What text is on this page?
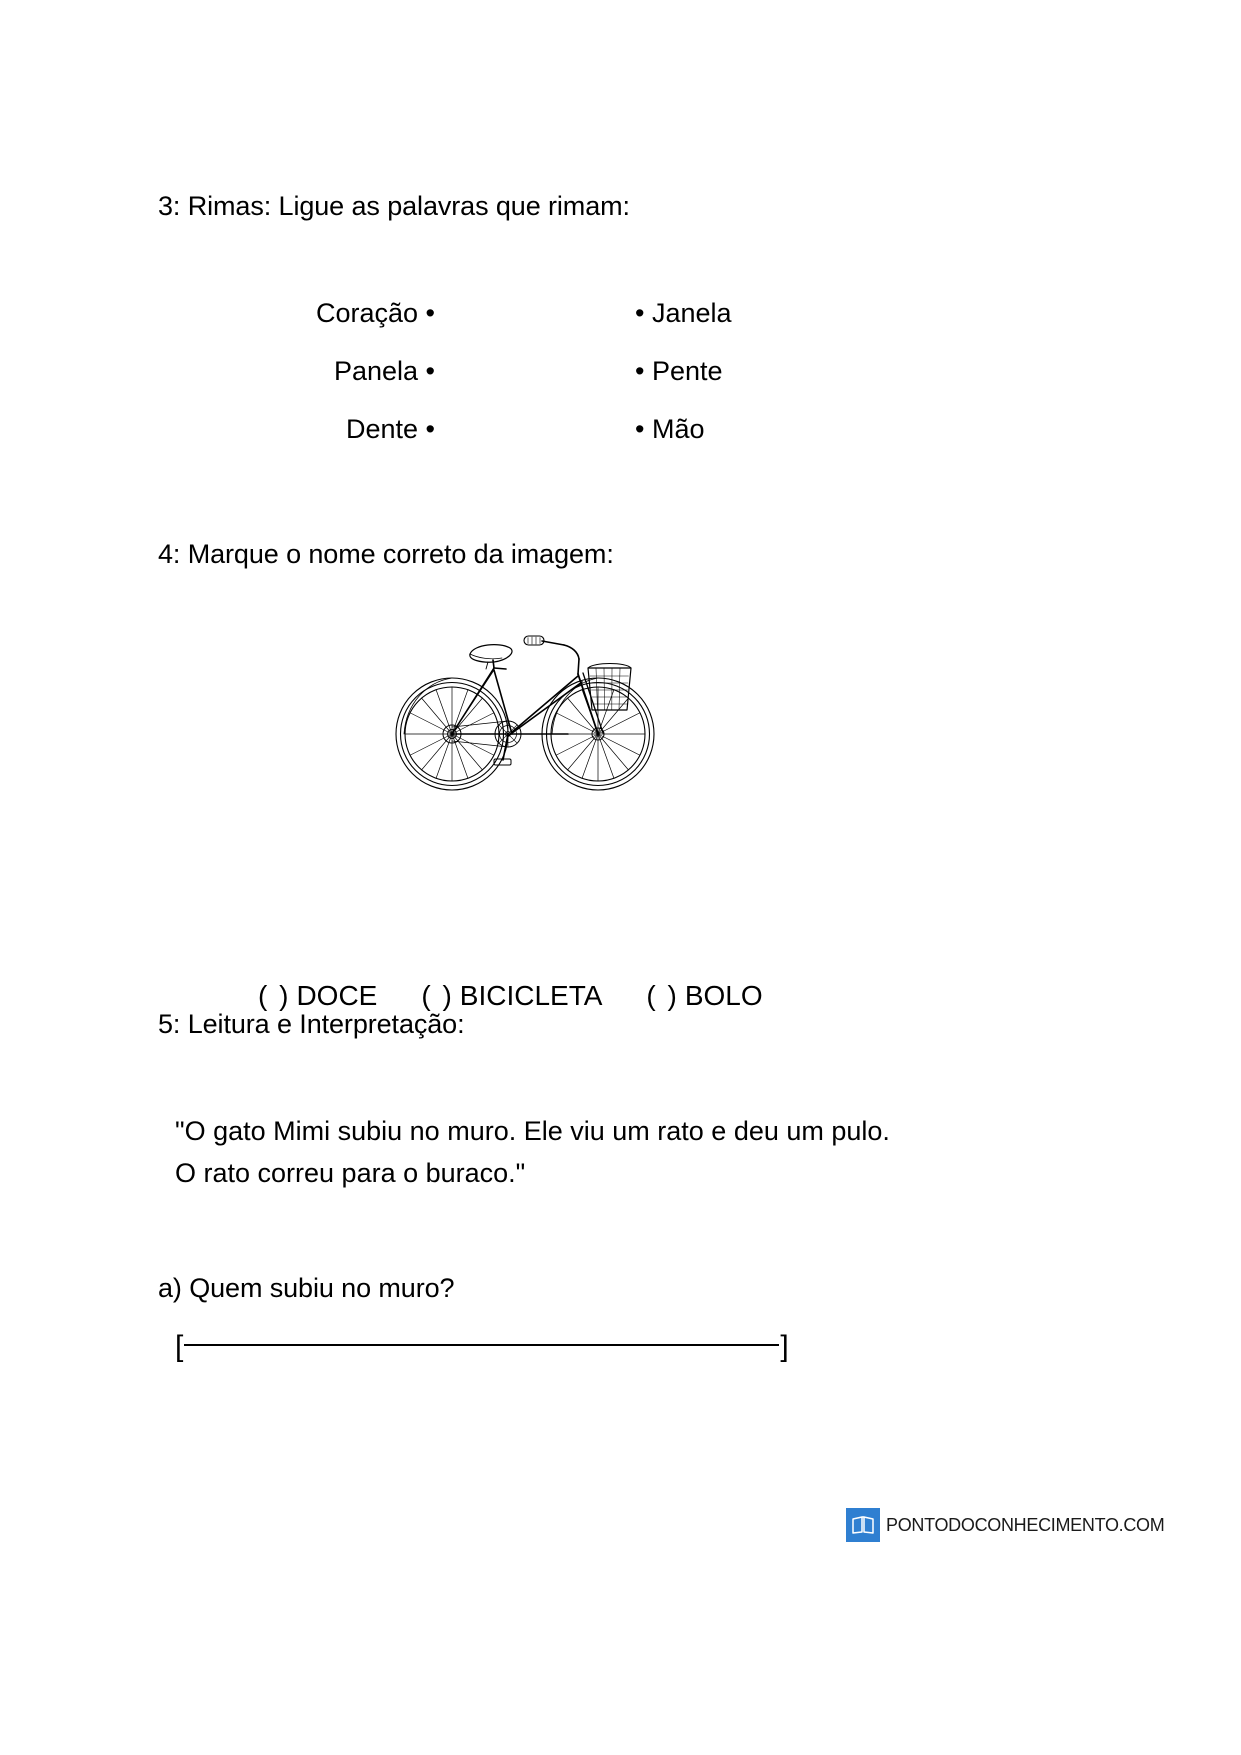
3: Rimas: Ligue as palavras que rimam:
Coração •	• Janela
Panela •	• Pente
Dente •	• Mão
4: Marque o nome correto da imagem:
( ) DOCE ( ) BICICLETA ( ) BOLO
5: Leitura e Interpretação:
"O gato Mimi subiu no muro. Ele viu um rato e deu um pulo.
O rato correu para o buraco."
a) Quem subiu no muro?
[	]
PONTODOCONHECIMENTO.COM
